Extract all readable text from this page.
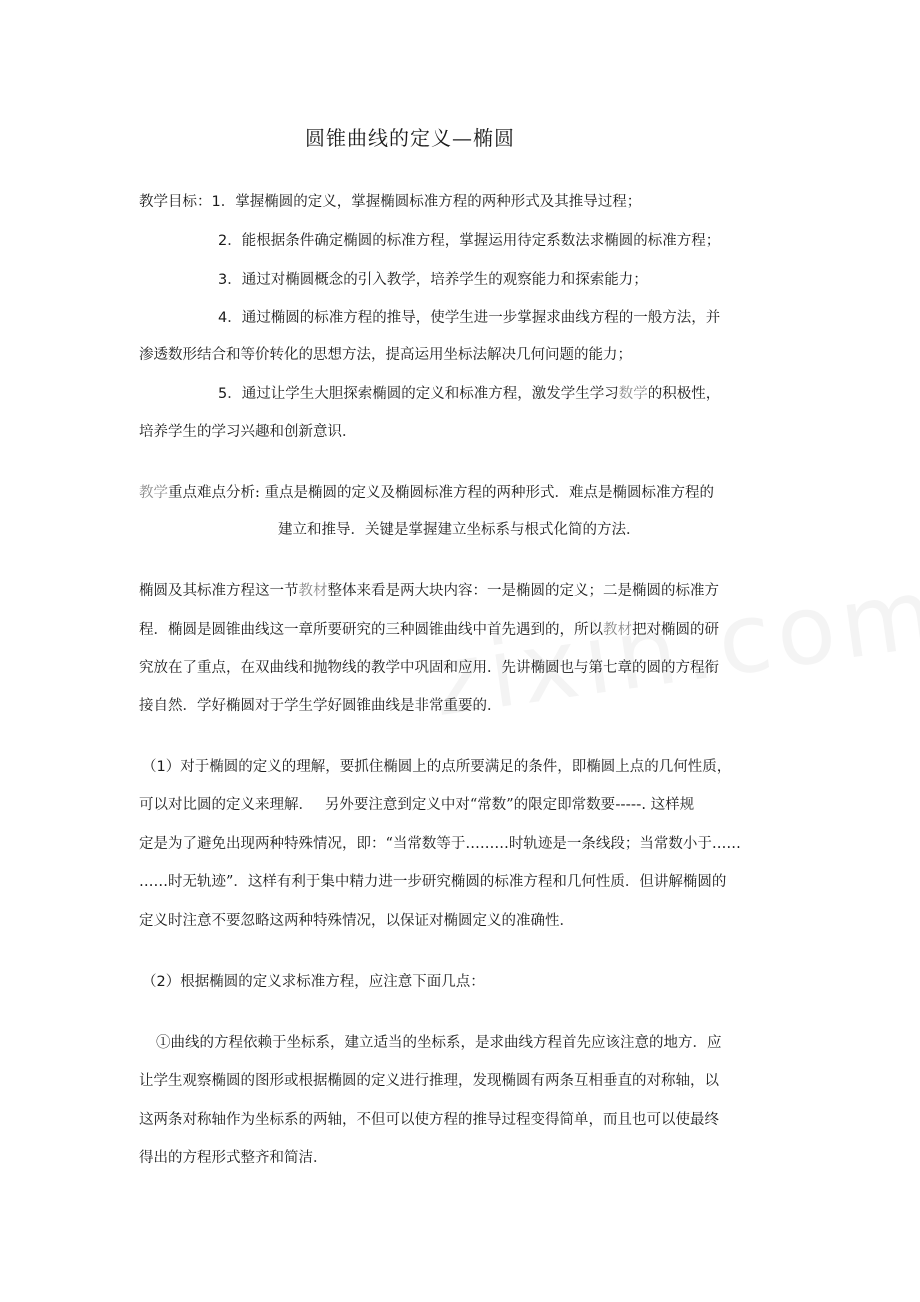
圆锥曲线的定义—椭圆
教学目标：1．掌握椭圆的定义，掌握椭圆标准方程的两种形式及其推导过程；
2．能根据条件确定椭圆的标准方程，掌握运用待定系数法求椭圆的标准方程；
3．通过对椭圆概念的引入教学，培养学生的观察能力和探索能力；
4．通过椭圆的标准方程的推导，使学生进一步掌握求曲线方程的一般方法，并
渗透数形结合和等价转化的思想方法，提高运用坐标法解决几何问题的能力；
5．通过让学生大胆探索椭圆的定义和标准方程，激发学生学习数学的积极性，
培养学生的学习兴趣和创新意识．
教学重点难点分析: 重点是椭圆的定义及椭圆标准方程的两种形式．难点是椭圆标准方程的
建立和推导．关键是掌握建立坐标系与根式化简的方法．
椭圆及其标准方程这一节教材整体来看是两大块内容：一是椭圆的定义；二是椭圆的标准方
程．椭圆是圆锥曲线这一章所要研究的三种圆锥曲线中首先遇到的，所以教材把对椭圆的研
究放在了重点，在双曲线和抛物线的教学中巩固和应用．先讲椭圆也与第七章的圆的方程衔
接自然．学好椭圆对于学生学好圆锥曲线是非常重要的．
（1）对于椭圆的定义的理解，要抓住椭圆上的点所要满足的条件，即椭圆上点的几何性质，
可以对比圆的定义来理解．　 另外要注意到定义中对“常数”的限定即常数要-----. 这样规
定是为了避免出现两种特殊情况，即：“当常数等于………时轨迹是一条线段；当常数小于……
……时无轨迹”．这样有利于集中精力进一步研究椭圆的标准方程和几何性质．但讲解椭圆的
定义时注意不要忽略这两种特殊情况，以保证对椭圆定义的准确性．
（2）根据椭圆的定义求标准方程，应注意下面几点：
①曲线的方程依赖于坐标系，建立适当的坐标系，是求曲线方程首先应该注意的地方．应
让学生观察椭圆的图形或根据椭圆的定义进行推理，发现椭圆有两条互相垂直的对称轴，以
这两条对称轴作为坐标系的两轴，不但可以使方程的推导过程变得简单，而且也可以使最终
得出的方程形式整齐和简洁．
